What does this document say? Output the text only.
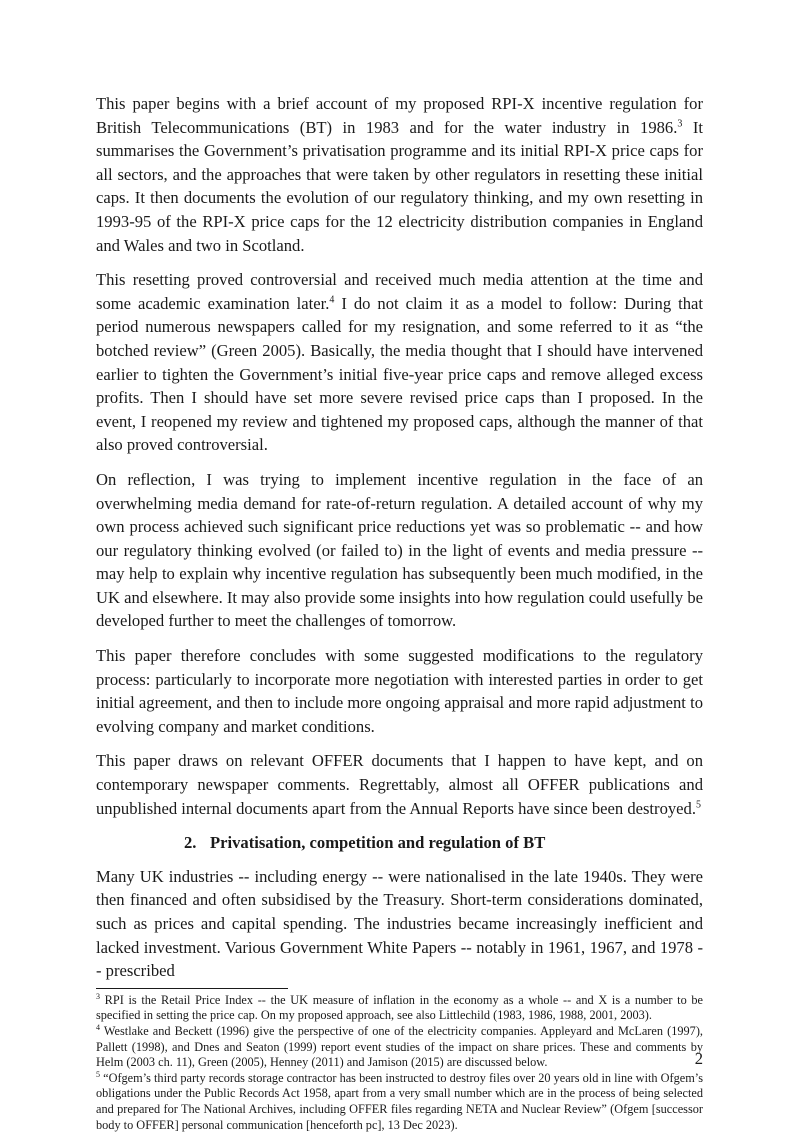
This paper begins with a brief account of my proposed RPI-X incentive regulation for British Telecommunications (BT) in 1983 and for the water industry in 1986.$^3$ It summarises the Government’s privatisation programme and its initial RPI-X price caps for all sectors, and the approaches that were taken by other regulators in resetting these initial caps. It then documents the evolution of our regulatory thinking, and my own resetting in 1993-95 of the RPI-X price caps for the 12 electricity distribution companies in England and Wales and two in Scotland.

This resetting proved controversial and received much media attention at the time and some academic examination later.$^4$ I do not claim it as a model to follow: During that period numerous newspapers called for my resignation, and some referred to it as “the botched review” (Green 2005). Basically, the media thought that I should have intervened earlier to tighten the Government’s initial five-year price caps and remove alleged excess profits. Then I should have set more severe revised price caps than I proposed. In the event, I reopened my review and tightened my proposed caps, although the manner of that also proved controversial.

On reflection, I was trying to implement incentive regulation in the face of an overwhelming media demand for rate-of-return regulation. A detailed account of why my own process achieved such significant price reductions yet was so problematic -- and how our regulatory thinking evolved (or failed to) in the light of events and media pressure -- may help to explain why incentive regulation has subsequently been much modified, in the UK and elsewhere. It may also provide some insights into how regulation could usefully be developed further to meet the challenges of tomorrow.

This paper therefore concludes with some suggested modifications to the regulatory process: particularly to incorporate more negotiation with interested parties in order to get initial agreement, and then to include more ongoing appraisal and more rapid adjustment to evolving company and market conditions.

This paper draws on relevant OFFER documents that I happen to have kept, and on contemporary newspaper comments. Regrettably, almost all OFFER publications and unpublished internal documents apart from the Annual Reports have since been destroyed.$^5$

2. Privatisation, competition and regulation of BT

Many UK industries -- including energy -- were nationalised in the late 1940s. They were then financed and often subsidised by the Treasury. Short-term considerations dominated, such as prices and capital spending. The industries became increasingly inefficient and lacked investment. Various Government White Papers -- notably in 1961, 1967, and 1978 -- prescribed

$^3$ RPI is the Retail Price Index -- the UK measure of inflation in the economy as a whole -- and X is a number to be specified in setting the price cap. On my proposed approach, see also Littlechild (1983, 1986, 1988, 2001, 2003).

$^4$ Westlake and Beckett (1996) give the perspective of one of the electricity companies. Appleyard and McLaren (1997), Pallett (1998), and Dnes and Seaton (1999) report event studies of the impact on share prices. These and comments by Helm (2003 ch. 11), Green (2005), Henney (2011) and Jamison (2015) are discussed below.

$^5$ “Ofgem’s third party records storage contractor has been instructed to destroy files over 20 years old in line with Ofgem’s obligations under the Public Records Act 1958, apart from a very small number which are in the process of being selected and prepared for The National Archives, including OFFER files regarding NETA and Nuclear Review” (Ofgem [successor body to OFFER] personal communication [henceforth pc], 13 Dec 2023).

2
